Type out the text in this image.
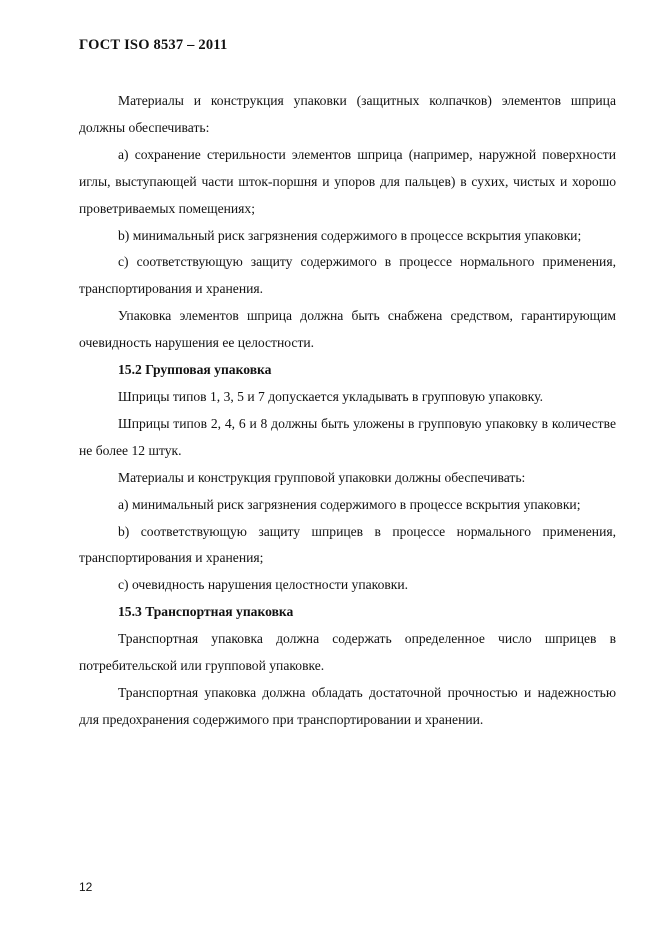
ГОСТ ISO 8537 – 2011

Материалы и конструкция упаковки (защитных колпачков) элементов шприца должны обеспечивать:

а) сохранение стерильности элементов шприца (например, наружной поверхности иглы, выступающей части шток-поршня и упоров для пальцев) в сухих, чистых и хорошо проветриваемых помещениях;

b) минимальный риск загрязнения содержимого в процессе вскрытия упаковки;

c) соответствующую защиту содержимого в процессе нормального применения, транспортирования и хранения.

Упаковка элементов шприца должна быть снабжена средством, гарантирующим очевидность нарушения ее целостности.

15.2 Групповая упаковка

Шприцы типов 1, 3, 5 и 7 допускается укладывать в групповую упаковку.

Шприцы типов 2, 4, 6 и 8 должны быть уложены в групповую упаковку в количестве не более 12 штук.

Материалы и конструкция групповой упаковки должны обеспечивать:

а) минимальный риск загрязнения содержимого в процессе вскрытия упаковки;

b) соответствующую защиту шприцев в процессе нормального применения, транспортирования и хранения;

c) очевидность нарушения целостности упаковки.

15.3 Транспортная упаковка

Транспортная упаковка должна содержать определенное число шприцев в потребительской или групповой упаковке.

Транспортная упаковка должна обладать достаточной прочностью и надежностью для предохранения содержимого при транспортировании и хранении.

12
